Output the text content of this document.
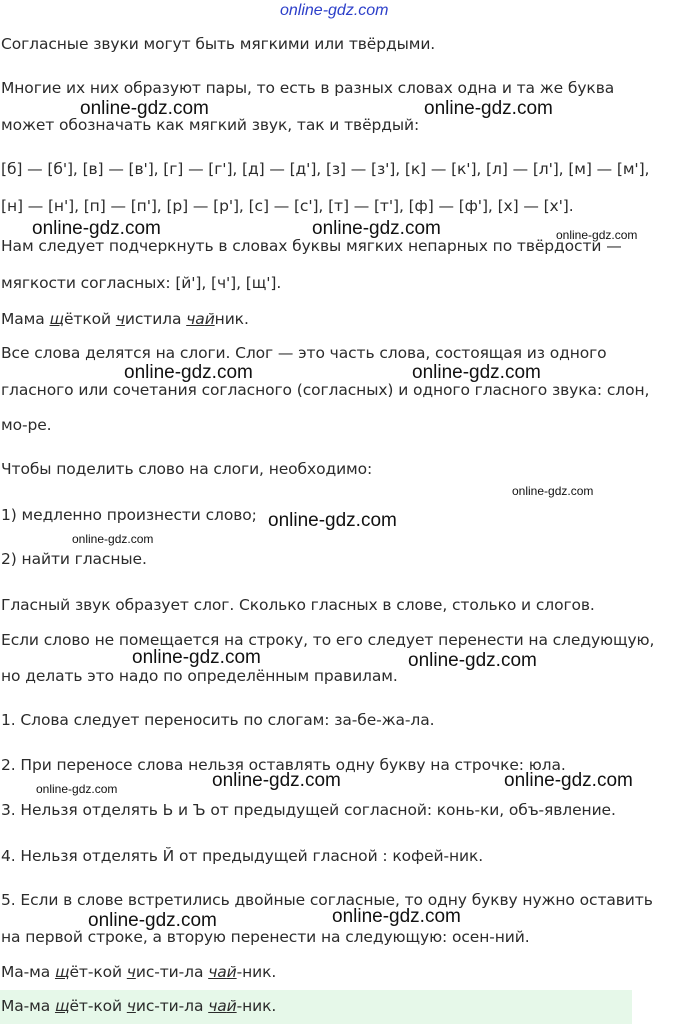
online-gdz.com
Согласные звуки могут быть мягкими или твёрдыми.
Многие их них образуют пары, то есть в разных словах одна и та же буква
может обозначать как мягкий звук, так и твёрдый:
[б] — [б'], [в] — [в'], [г] — [г'], [д] — [д'], [з] — [з'], [к] — [к'], [л] — [л'], [м] — [м'],
[н] — [н'], [п] — [п'], [р] — [р'], [с] — [с'], [т] — [т'], [ф] — [ф'], [х] — [х'].
Нам следует подчеркнуть в словах буквы мягких непарных по твёрдости —
мягкости согласных: [й'], [ч'], [щ'].
Мама щёткой чистила чайник.
Все слова делятся на слоги. Слог — это часть слова, состоящая из одного
гласного или сочетания согласного (согласных) и одного гласного звука: слон,
мо-ре.
Чтобы поделить слово на слоги, необходимо:
1) медленно произнести слово;
2) найти гласные.
Гласный звук образует слог. Сколько гласных в слове, столько и слогов.
Если слово не помещается на строку, то его следует перенести на следующую,
но делать это надо по определённым правилам.
1. Слова следует переносить по слогам: за-бе-жа-ла.
2. При переносе слова нельзя оставлять одну букву на строчке: юла.
3. Нельзя отделять Ь и Ъ от предыдущей согласной: конь-ки, объ-явление.
4. Нельзя отделять Й от предыдущей гласной : кофей-ник.
5. Если в слове встретились двойные согласные, то одну букву нужно оставить
на первой строке, а вторую перенести на следующую: осен-ний.
Ма-ма щёт-кой чис-ти-ла чай-ник.
Ма-ма щёт-кой чис-ти-ла чай-ник.
online-gdz.com	online-gdz.com
online-gdz.com	online-gdz.com	online-gdz.com
online-gdz.com	online-gdz.com
online-gdz.com
online-gdz.com
online-gdz.com
online-gdz.com	online-gdz.com
online-gdz.com	online-gdz.com
online-gdz.com
online-gdz.com
online-gdz.com
